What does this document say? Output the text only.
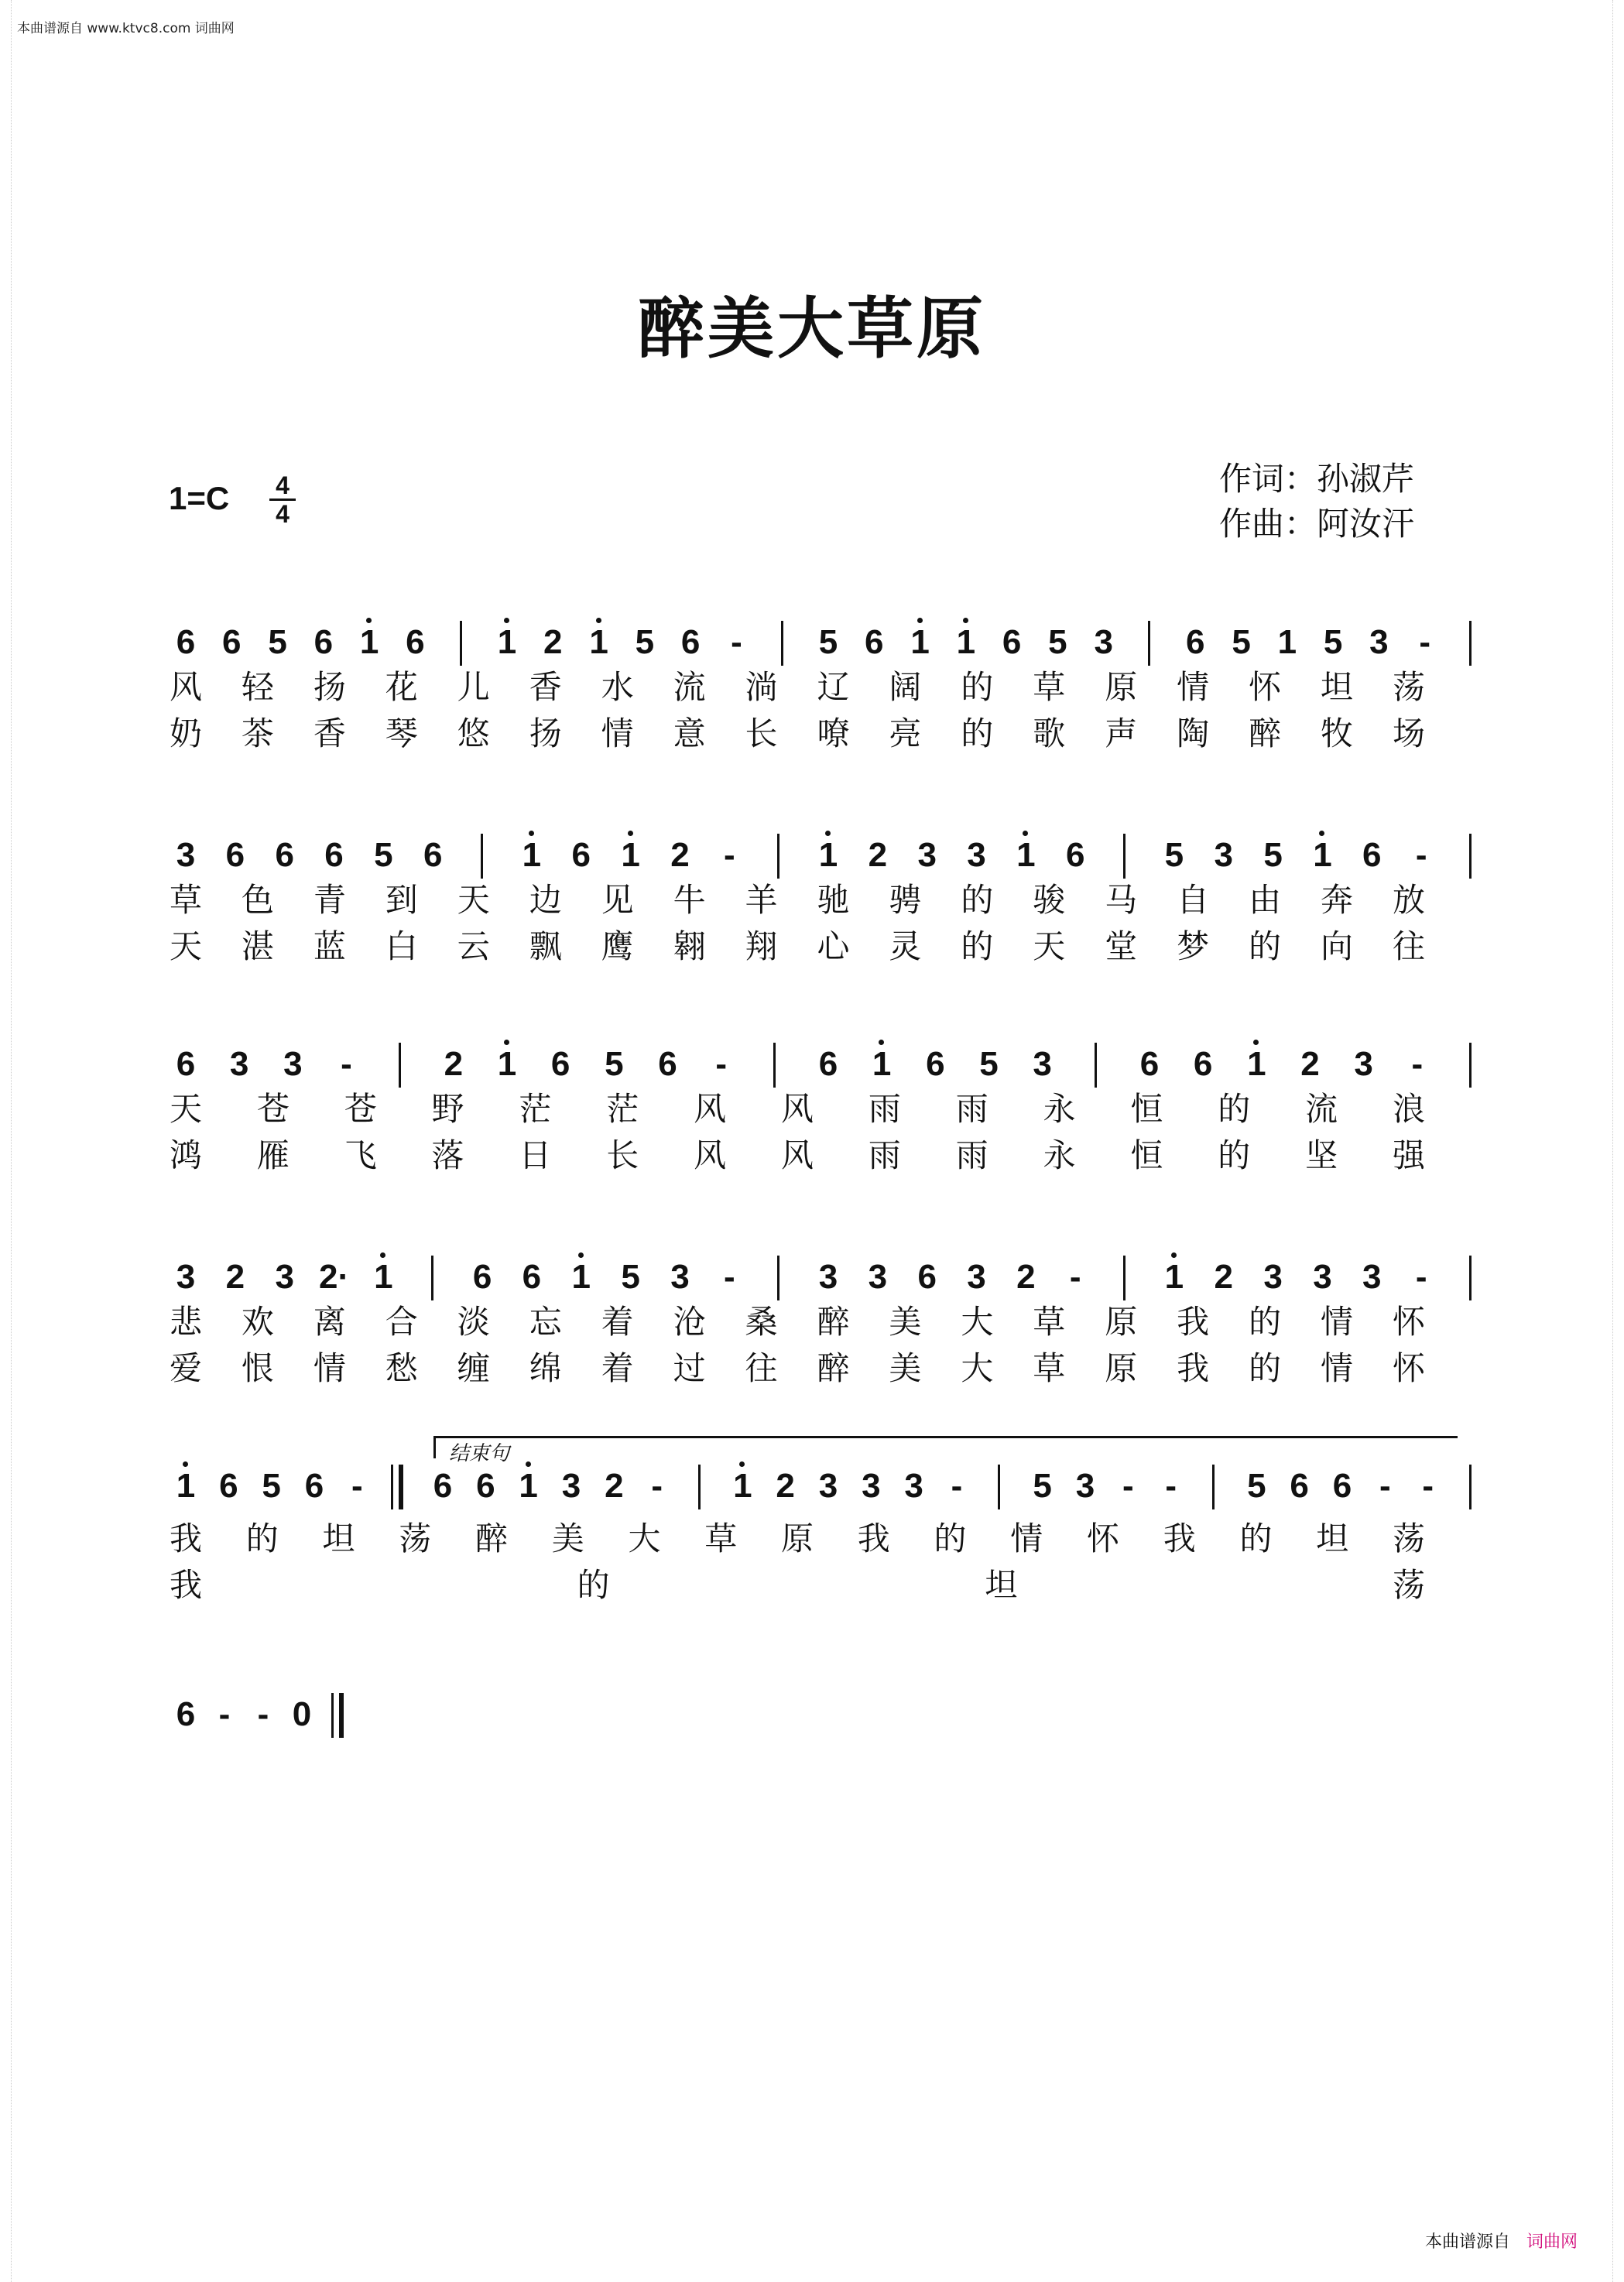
本曲谱源自 www.ktvc8.com 词曲网
醉美大草原
1=C 4
4
作词：孙淑芹
作曲：阿汝汗
6 6 5 6 1 6 1 2 1 5 6 - 5 6 1 1 6 5 3 6 5 1 5 3 -
风 轻 扬 花 儿 香 水 流 淌 辽 阔 的 草 原 情 怀 坦 荡
奶 茶 香 琴 悠 扬 情 意 长 嘹 亮 的 歌 声 陶 醉 牧 场
3 6 6 6 5 6 1 6 1 2 - 1 2 3 3 1 6 5 3 5 1 6 -
草 色 青 到 天 边 见 牛 羊 驰 骋 的 骏 马 自 由 奔 放
天 湛 蓝 白 云 飘 鹰 翱 翔 心 灵 的 天 堂 梦 的 向 往
6 3 3 -	2 1 6 5 6 -	6 1 6 5 3	6 6 1 2 3 -
天 苍 苍 野 茫 茫 风 风 雨 雨 永 恒 的 流 浪
鸿 雁 飞 落 日 长 风 风 雨 雨 永 恒 的 坚 强
3 2 3 2· 1 6 6 1 5 3 - 3 3 6 3 2 - 1 2 3 3 3 -
悲 欢 离 合 淡 忘 着 沧 桑 醉 美 大 草 原 我 的 情 怀
爱 恨 情 愁 缠 绵 着 过 往 醉 美 大 草 原 我 的 情 怀
1 6 5 6 - 6 6 1 3 2 - 1 2 3 3 3 - 5 3 - - 5 6 6 - -
我 的 坦 荡 醉 美 大 草 原 我 的 情 怀 我 的 坦 荡
我	的	坦	荡
6 - - 0
结束句
本曲谱源自 词曲网
